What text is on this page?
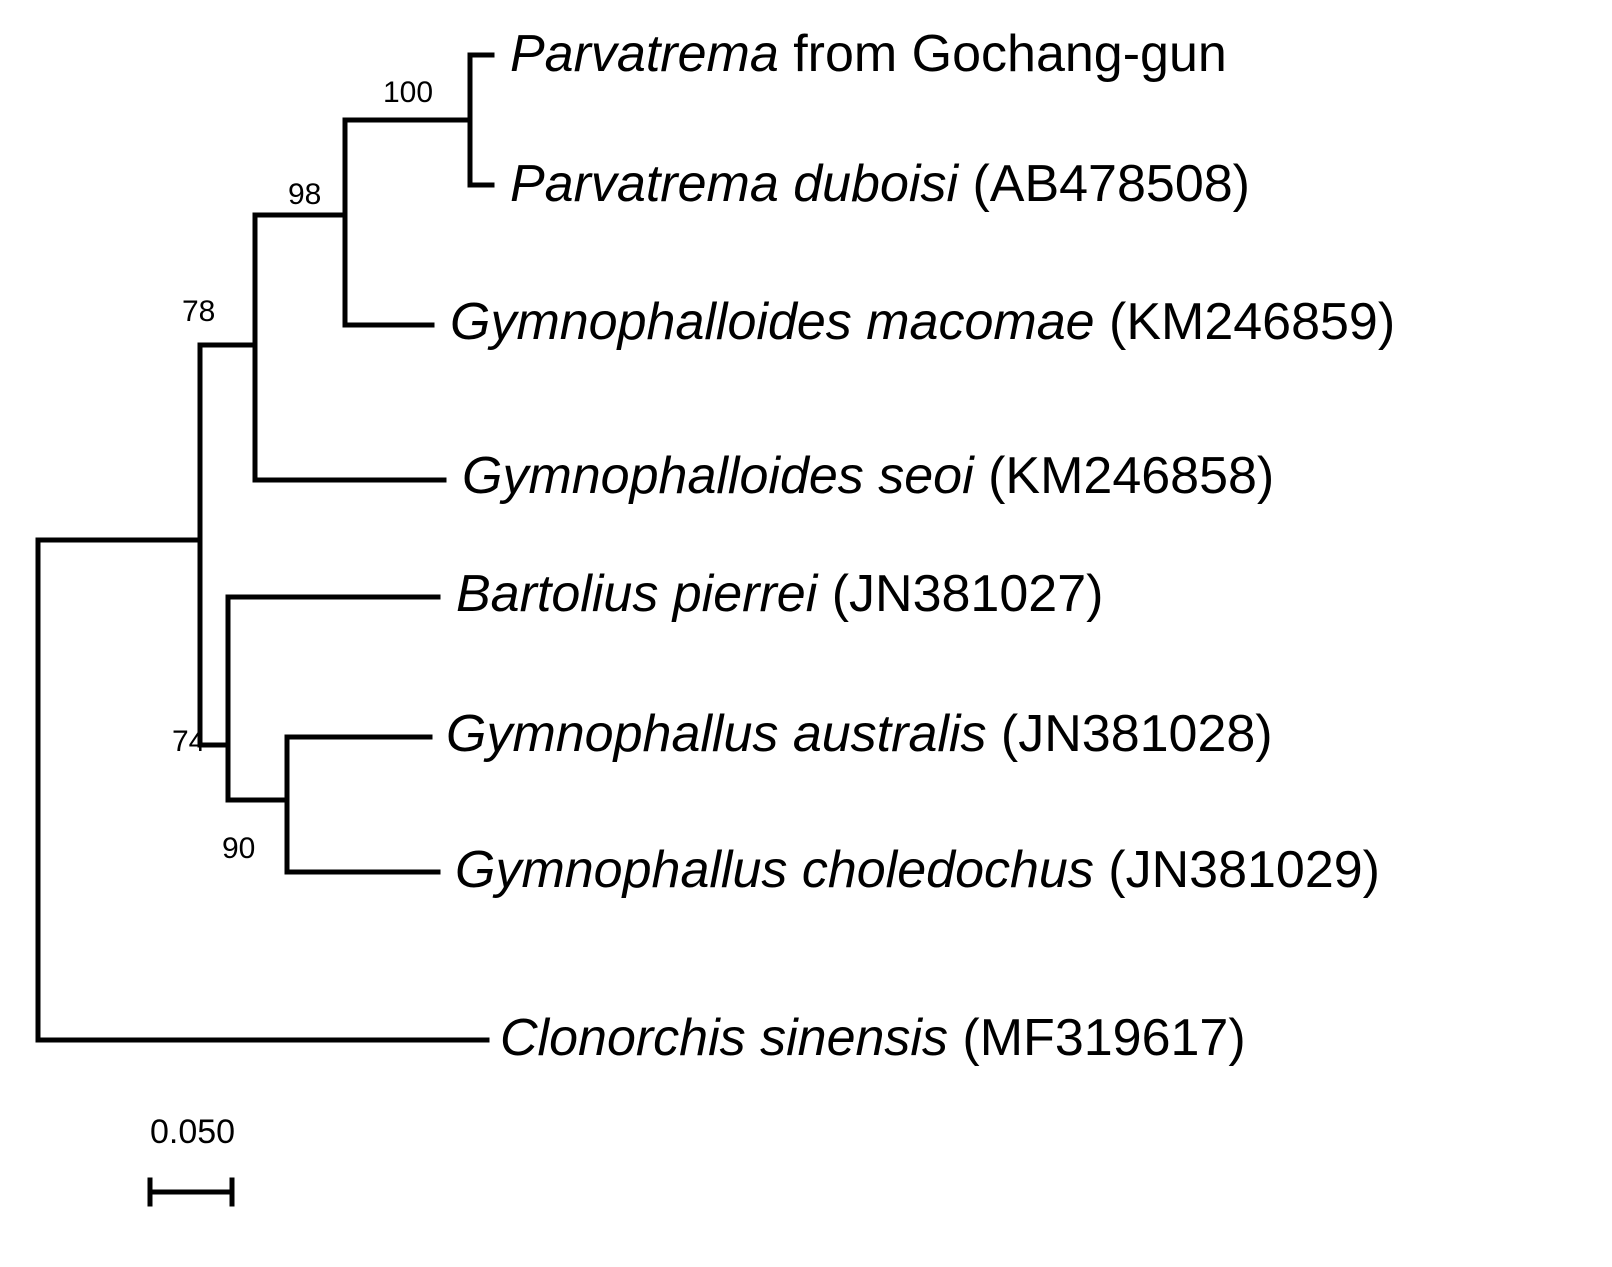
Parvatrema from Gochang-gun
Parvatrema duboisi (AB478508)
Gymnophalloides macomae (KM246859)
Gymnophalloides seoi (KM246858)
Bartolius pierrei (JN381027)
Gymnophallus australis (JN381028)
Gymnophallus choledochus (JN381029)
Clonorchis sinensis (MF319617)
100
98
78
74
90
0.050
